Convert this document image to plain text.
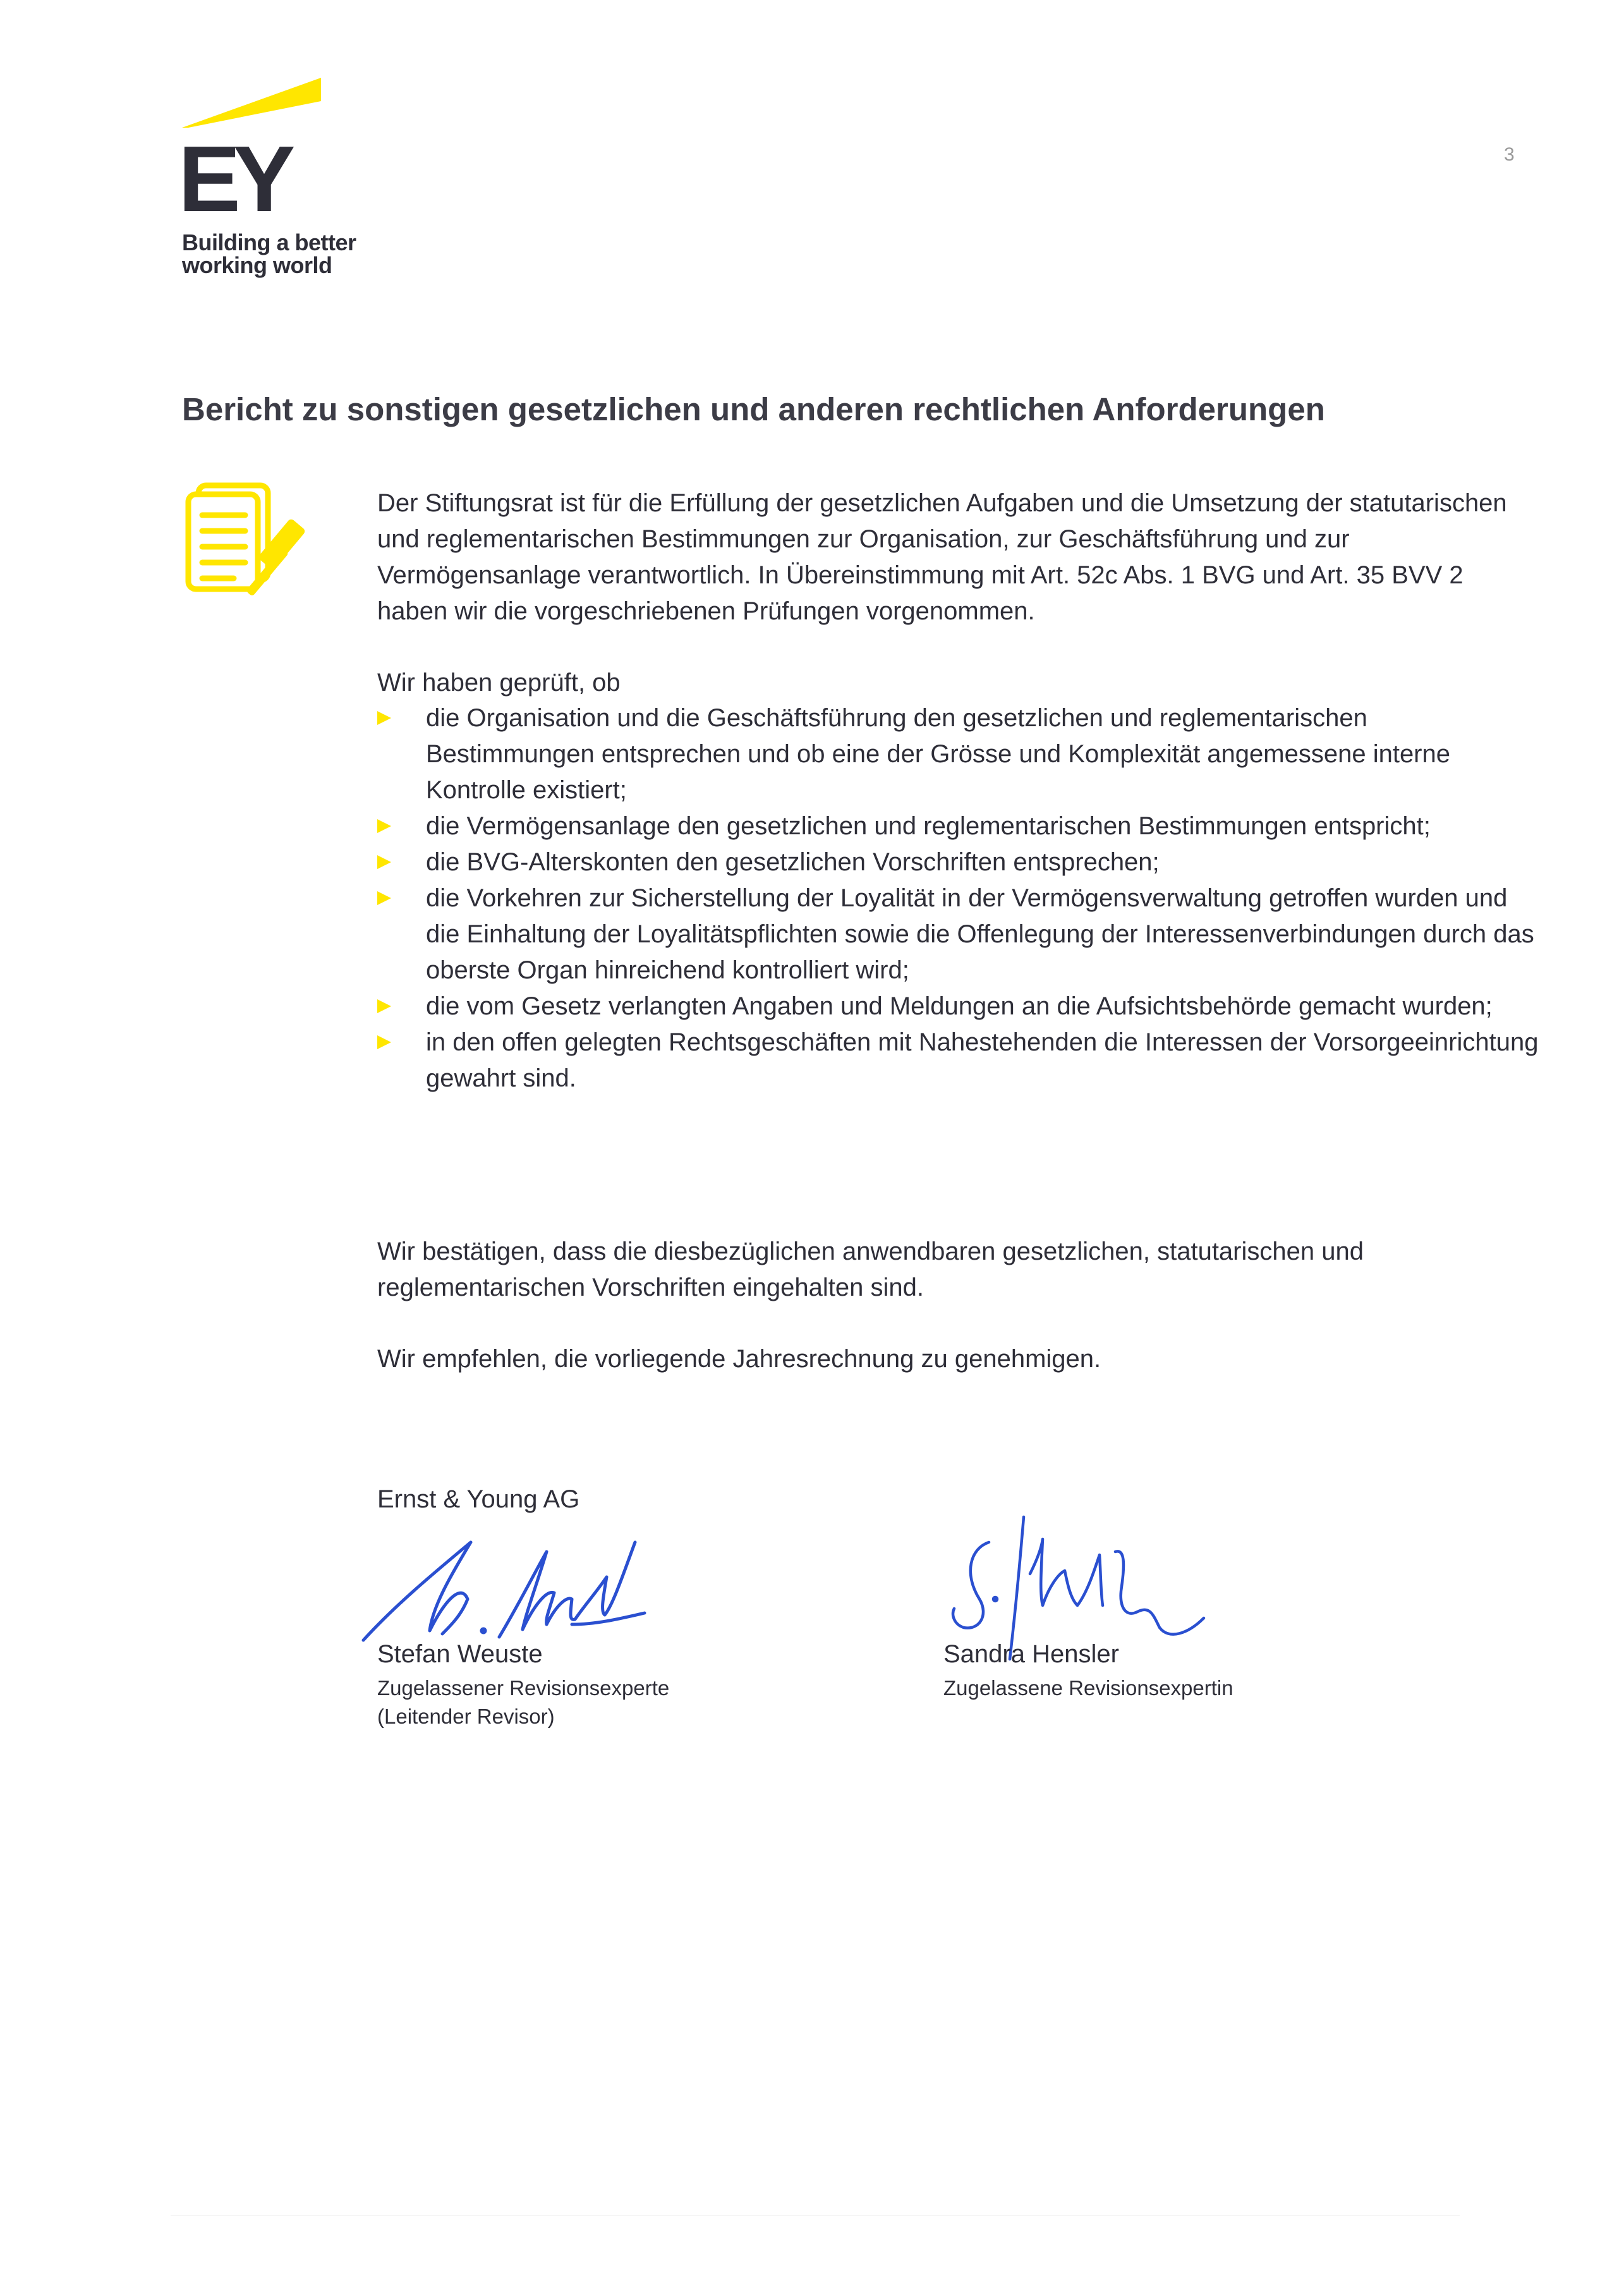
EY
Building a better
working world
3
Bericht zu sonstigen gesetzlichen und anderen rechtlichen Anforderungen
Der Stiftungsrat ist für die Erfüllung der gesetzlichen Aufgaben und die Umsetzung der statutarischen und reglementarischen Bestimmungen zur Organisation, zur Geschäftsführung und zur Vermögensanlage verantwortlich. In Übereinstimmung mit Art. 52c Abs. 1 BVG und Art. 35 BVV 2 haben wir die vorgeschriebenen Prüfungen vorgenommen.
Wir haben geprüft, ob
die Organisation und die Geschäftsführung den gesetzlichen und reglementarischen Bestimmungen entsprechen und ob eine der Grösse und Komplexität angemessene interne Kontrolle existiert;
die Vermögensanlage den gesetzlichen und reglementarischen Bestimmungen entspricht;
die BVG-Alterskonten den gesetzlichen Vorschriften entsprechen;
die Vorkehren zur Sicherstellung der Loyalität in der Vermögensverwaltung getroffen wurden und die Einhaltung der Loyalitätspflichten sowie die Offenlegung der Interessenverbindungen durch das oberste Organ hinreichend kontrolliert wird;
die vom Gesetz verlangten Angaben und Meldungen an die Aufsichtsbehörde gemacht wurden;
in den offen gelegten Rechtsgeschäften mit Nahestehenden die Interessen der Vorsorgeeinrichtung gewahrt sind.
Wir bestätigen, dass die diesbezüglichen anwendbaren gesetzlichen, statutarischen und reglementarischen Vorschriften eingehalten sind.
Wir empfehlen, die vorliegende Jahresrechnung zu genehmigen.
Ernst & Young AG
Stefan Weuste
Zugelassener Revisionsexperte
(Leitender Revisor)
Sandra Hensler
Zugelassene Revisionsexpertin
